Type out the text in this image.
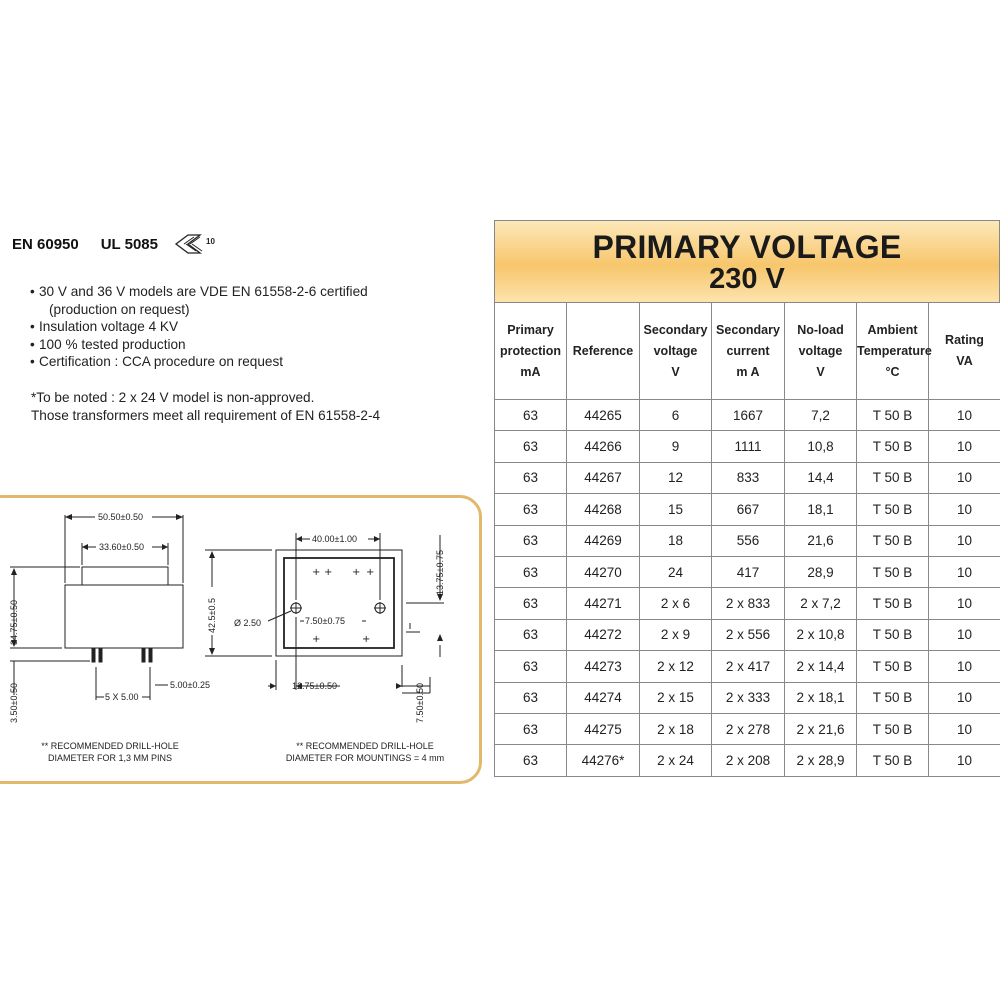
EN 60950 UL 5085	10
• 30 V and 36 V models are VDE EN 61558-2-6 certified
(production on request)
• Insulation voltage 4 KV
• 100 % tested production
• Certification : CCA procedure on request
*To be noted : 2 x 24 V model is non-approved.
Those transformers meet all requirement of EN 61558-2-4
+ + + +
+	+
50.50±0.50
33.60±0.50
34.75±0.50
3.50±0.50	5 X 5.00
5.00±0.25
40.00±1.00
42.5±0.5 Ø 2.50	7.50±0.75
13.75±0.75
12.75±0.50	7.50±0.50
** RECOMMENDED DRILL-HOLE
DIAMETER FOR 1,3 MM PINS
** RECOMMENDED DRILL-HOLE
DIAMETER FOR MOUNTINGS = 4 mm
PRIMARY VOLTAGE
230 V
Primary
protection
mA	Reference	Secondary
voltage
V	Secondary
current
m A	No-load
voltage
V	Ambient
Temperature
°C	Rating
VA

63	44265	6	1667	7,2	T 50 B	10
63	44266	9	1111	10,8	T 50 B	10
63	44267	12	833	14,4	T 50 B	10
63	44268	15	667	18,1	T 50 B	10
63	44269	18	556	21,6	T 50 B	10
63	44270	24	417	28,9	T 50 B	10
63	44271	2 x 6	2 x 833	2 x 7,2	T 50 B	10
63	44272	2 x 9	2 x 556	2 x 10,8	T 50 B	10
63	44273	2 x 12	2 x 417	2 x 14,4	T 50 B	10
63	44274	2 x 15	2 x 333	2 x 18,1	T 50 B	10
63	44275	2 x 18	2 x 278	2 x 21,6	T 50 B	10
63	44276*	2 x 24	2 x 208	2 x 28,9	T 50 B	10
